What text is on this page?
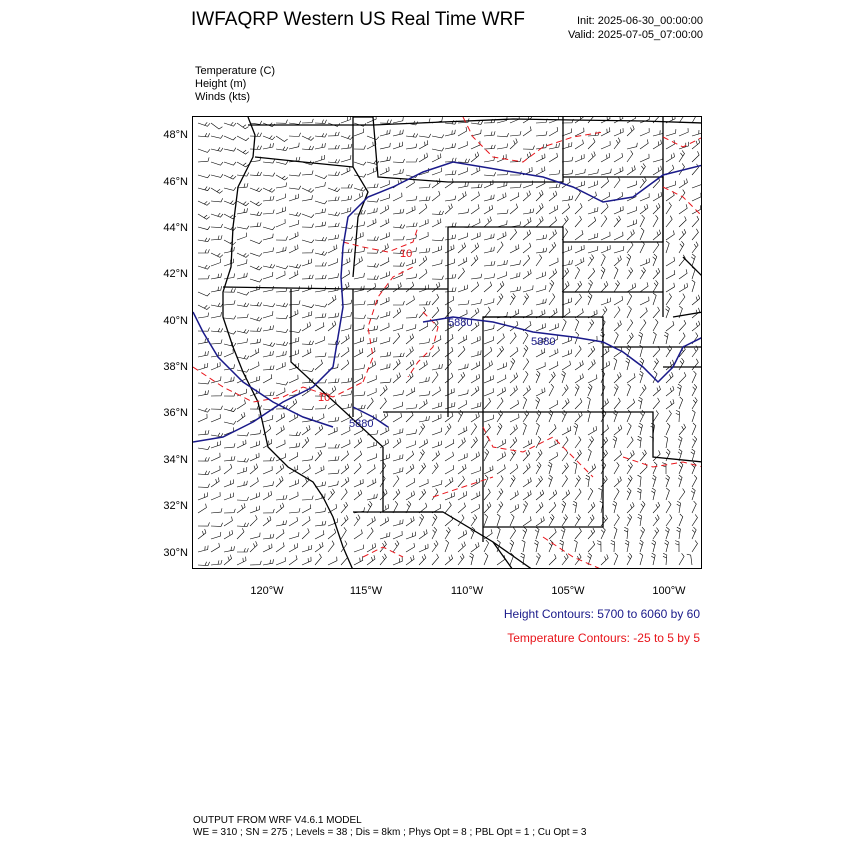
IWFAQRP Western US Real Time WRF	Init: 2025-06-30_00:00:00
Valid: 2025-07-05_07:00:00
Temperature (C)
Height (m)
Winds (kts)
5880
5880
5880
10
10
48°N
46°N
44°N
42°N
40°N
38°N
36°N
34°N
32°N
30°N
120°W	115°W	110°W	105°W	100°W
Height Contours: 5700 to 6060 by 60
Temperature Contours: -25 to 5 by 5
OUTPUT FROM WRF V4.6.1 MODEL
WE = 310 ; SN = 275 ; Levels = 38 ; Dis = 8km ; Phys Opt = 8 ; PBL Opt = 1 ; Cu Opt = 3
